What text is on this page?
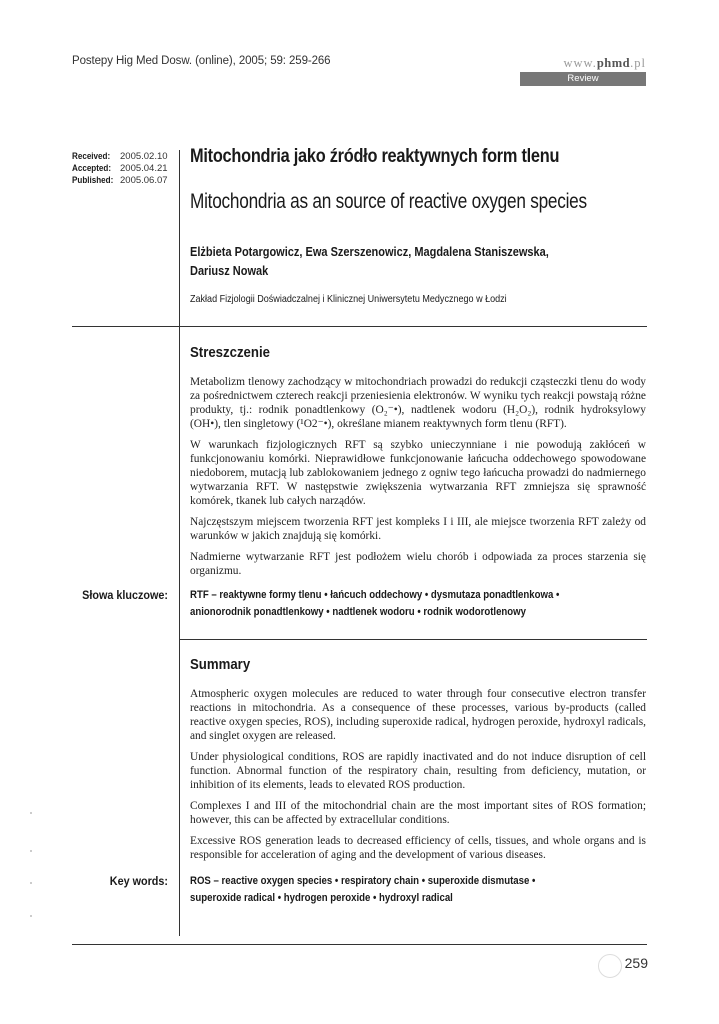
Postepy Hig Med Dosw. (online), 2005; 59: 259-266	www.phmd.pl
Review
Received: 2005.02.10
Accepted: 2005.04.21
Published: 2005.06.07
Mitochondria jako źródło reaktywnych form tlenu
Mitochondria as an source of reactive oxygen species
Elżbieta Potargowicz, Ewa Szerszenowicz, Magdalena Staniszewska,
Dariusz Nowak
Zakład Fizjologii Doświadczalnej i Klinicznej Uniwersytetu Medycznego w Łodzi
Streszczenie

Metabolizm tlenowy zachodzący w mitochondriach prowadzi do redukcji cząsteczki tlenu do wody za pośrednictwem czterech reakcji przeniesienia elektronów. W wyniku tych reakcji powstają różne produkty, tj.: rodnik ponadtlenkowy (O₂⁻•), nadtlenek wodoru (H₂O₂), rodnik hydroksylowy (OH•), tlen singletowy (¹O2⁻•), określane mianem reaktywnych form tlenu (RFT).

W warunkach fizjologicznych RFT są szybko unieczynniane i nie powodują zakłóceń w funkcjonowaniu komórki. Nieprawidłowe funkcjonowanie łańcucha oddechowego spowodowane niedoborem, mutacją lub zablokowaniem jednego z ogniw tego łańcucha prowadzi do nadmiernego wytwarzania RFT. W następstwie zwiększenia wytwarzania RFT zmniejsza się sprawność komórek, tkanek lub całych narządów.

Najczęstszym miejscem tworzenia RFT jest kompleks I i III, ale miejsce tworzenia RFT zależy od warunków w jakich znajdują się komórki.

Nadmierne wytwarzanie RFT jest podłożem wielu chorób i odpowiada za proces starzenia się organizmu.

Słowa kluczowe: RTF – reaktywne formy tlenu • łańcuch oddechowy • dysmutaza ponadtlenkowa •
anionorodnik ponadtlenkowy • nadtlenek wodoru • rodnik wodorotlenowy
Summary

Atmospheric oxygen molecules are reduced to water through four consecutive electron transfer reactions in mitochondria. As a consequence of these processes, various by-products (called reactive oxygen species, ROS), including superoxide radical, hydrogen peroxide, hydroxyl radicals, and singlet oxygen are released.

Under physiological conditions, ROS are rapidly inactivated and do not induce disruption of cell function. Abnormal function of the respiratory chain, resulting from deficiency, mutation, or inhibition of its elements, leads to elevated ROS production.

Complexes I and III of the mitochondrial chain are the most important sites of ROS formation; however, this can be affected by extracellular conditions.

Excessive ROS generation leads to decreased efficiency of cells, tissues, and whole organs and is responsible for acceleration of aging and the development of various diseases.

Key words: ROS – reactive oxygen species • respiratory chain • superoxide dismutase •
superoxide radical • hydrogen peroxide • hydroxyl radical
259
